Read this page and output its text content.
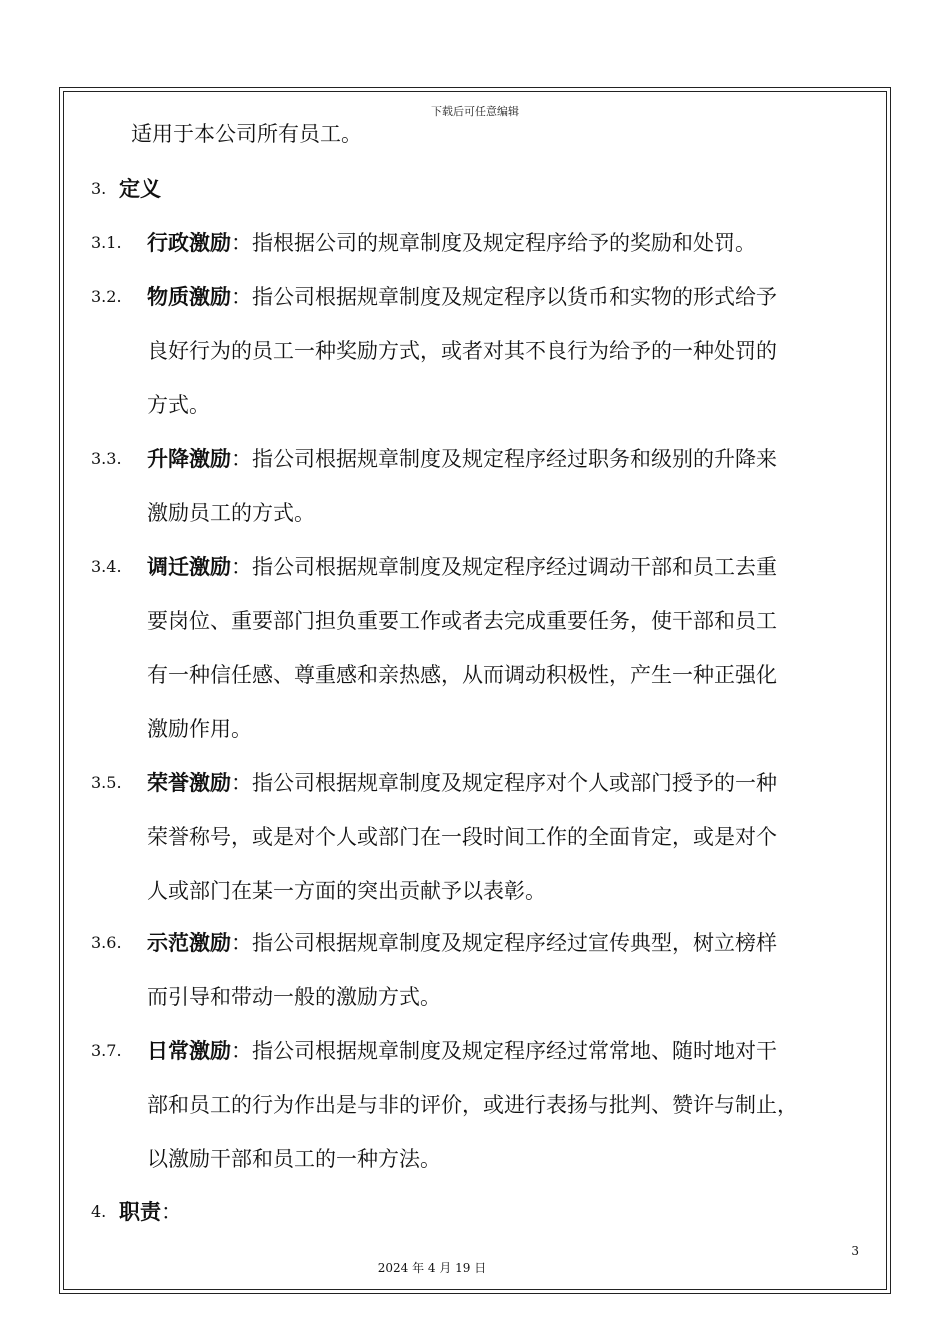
下载后可任意编辑
适用于本公司所有员工。
3. 定义
3.1. 行政激励：指根据公司的规章制度及规定程序给予的奖励和处罚。
3.2. 物质激励：指公司根据规章制度及规定程序以货币和实物的形式给予
良好行为的员工一种奖励方式，或者对其不良行为给予的一种处罚的
方式。
3.3. 升降激励：指公司根据规章制度及规定程序经过职务和级别的升降来
激励员工的方式。
3.4. 调迁激励：指公司根据规章制度及规定程序经过调动干部和员工去重
要岗位、重要部门担负重要工作或者去完成重要任务，使干部和员工
有一种信任感、尊重感和亲热感，从而调动积极性，产生一种正强化
激励作用。
3.5. 荣誉激励：指公司根据规章制度及规定程序对个人或部门授予的一种
荣誉称号，或是对个人或部门在一段时间工作的全面肯定，或是对个
人或部门在某一方面的突出贡献予以表彰。
3.6. 示范激励：指公司根据规章制度及规定程序经过宣传典型，树立榜样
而引导和带动一般的激励方式。
3.7. 日常激励：指公司根据规章制度及规定程序经过常常地、随时地对干
部和员工的行为作出是与非的评价，或进行表扬与批判、赞许与制止，
以激励干部和员工的一种方法。
4. 职责：
3
2024 年 4 月 19 日
